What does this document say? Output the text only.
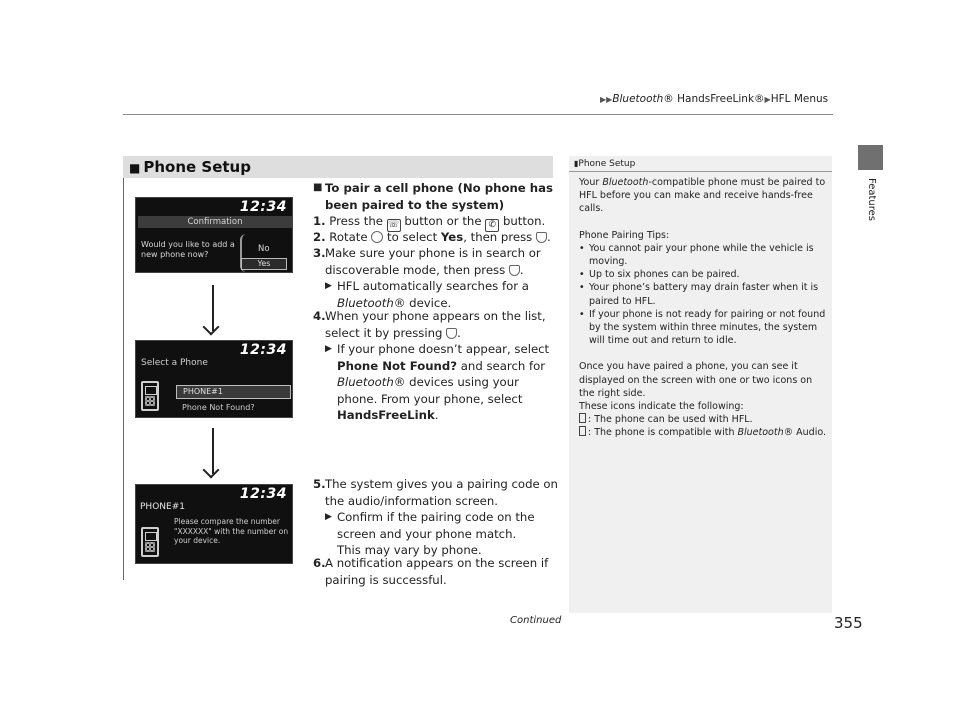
▶▶Bluetooth® HandsFreeLink®▶HFL Menus
Features
■ Phone Setup
12:34
Confirmation
Would you like to add a new phone now?
No
Yes
12:34
Select a Phone
PHONE#1
Phone Not Found?
12:34
PHONE#1
Please compare the number "XXXXXX" with the number on your device.
■ To pair a cell phone (No phone has been paired to the system)
1. Press the ☏ button or the ✆ button.
2. Rotate to select Yes, then press .
3. Make sure your phone is in search or discoverable mode, then press .
▶ HFL automatically searches for a Bluetooth® device.
4. When your phone appears on the list, select it by pressing .
▶ If your phone doesn’t appear, select Phone Not Found? and search for Bluetooth® devices using your phone. From your phone, select HandsFreeLink.
5. The system gives you a pairing code on the audio/information screen.
▶ Confirm if the pairing code on the screen and your phone match.
This may vary by phone.
6. A notification appears on the screen if pairing is successful.
▮Phone Setup
Your Bluetooth-compatible phone must be paired to HFL before you can make and receive hands-free calls.
Phone Pairing Tips:
• You cannot pair your phone while the vehicle is moving.
• Up to six phones can be paired.
• Your phone’s battery may drain faster when it is paired to HFL.
• If your phone is not ready for pairing or not found by the system within three minutes, the system will time out and return to idle.
Once you have paired a phone, you can see it displayed on the screen with one or two icons on the right side.
These icons indicate the following:
: The phone can be used with HFL.
: The phone is compatible with Bluetooth® Audio.
Continued	355
